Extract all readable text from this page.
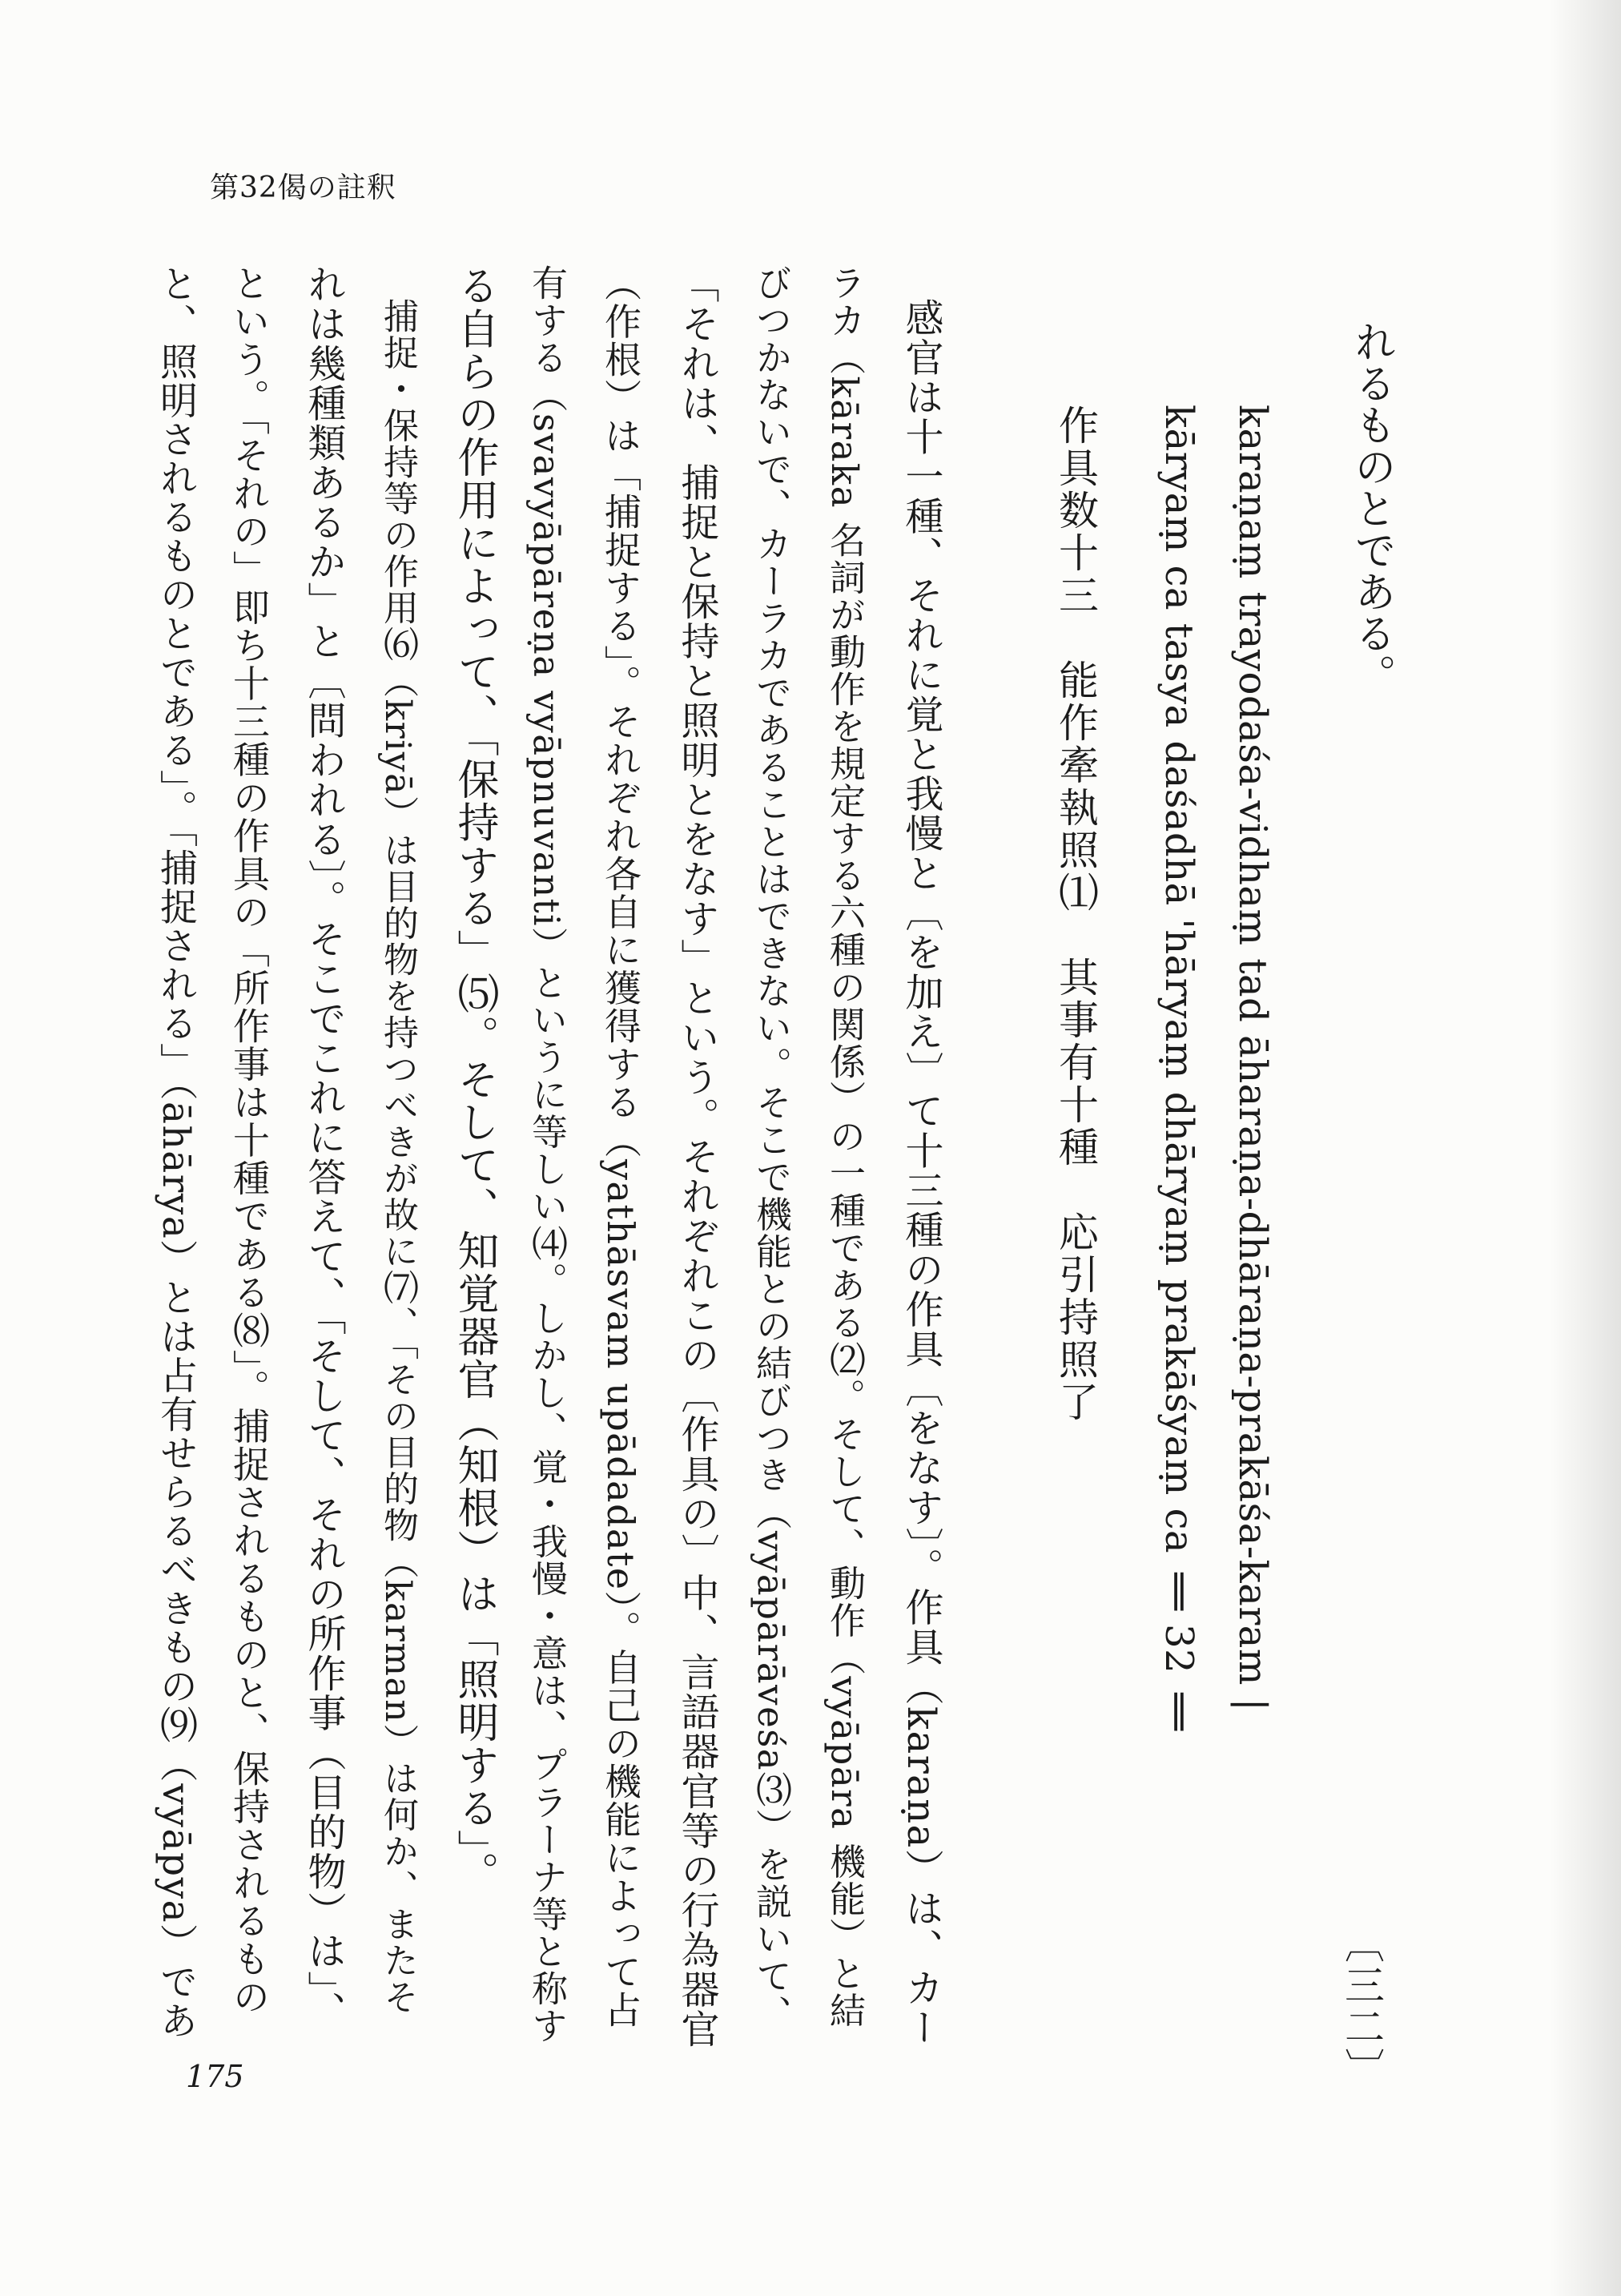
第32偈の註釈
〔三二〕
れるものとである。
karaṇaṃ trayodaśa-vidhaṃ tad āharaṇa-dhāraṇa-prakāśa-karam |
kāryaṃ ca tasya daśadhā 'hāryaṃ dhāryaṃ prakāśyaṃ ca ‖ 32 ‖
作具数十三　能作牽執照⑴　其事有十種　応引持照了
感官は十一種、それに覚と我慢と〔を加え〕て十三種の作具〔をなす〕。作具（karaṇa）は、カー
ラカ（kāraka 名詞が動作を規定する六種の関係）の一種である⑵。そして、動作（vyāpāra 機能）と結
びつかないで、カーラカであることはできない。そこで機能との結びつき（vyāpārāveśa⑶）を説いて、
「それは、捕捉と保持と照明とをなす」という。それぞれこの〔作具の〕中、言語器官等の行為器官
（作根）は「捕捉する」。それぞれ各自に獲得する（yathāsvam upādadate）。自己の機能によって占
有する（svavyāpāreṇa vyāpnuvanti）というに等しい⑷。しかし、覚・我慢・意は、プラーナ等と称す
る自らの作用によって、「保持する」⑸。そして、知覚器官（知根）は「照明する」。
捕捉・保持等の作用⑹（kriyā）は目的物を持つべきが故に⑺、「その目的物（karman）は何か、またそ
れは幾種類あるか」と〔問われる〕。そこでこれに答えて、「そして、それの所作事（目的物）は」、
という。「それの」即ち十三種の作具の「所作事は十種である⑻」。捕捉されるものと、保持されるもの
と、照明されるものとである」。「捕捉される」（āhārya）とは占有せらるべきもの⑼（vyāpya）であ
175
